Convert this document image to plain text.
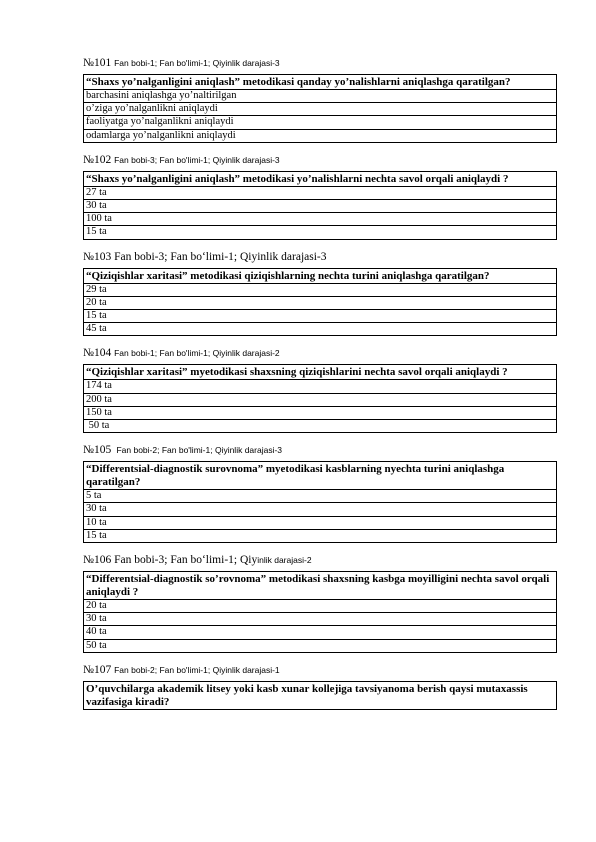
№101 Fan bobi-1; Fan bo'limi-1; Qiyinlik darajasi-3
“Shaxs yo’nalganligini aniqlash” metodikasi qanday yo’nalishlarni aniqlashga qaratilgan?
barchasini aniqlashga yo’naltirilgan
o’ziga yo’nalganlikni aniqlaydi
faoliyatga yo’nalganlikni aniqlaydi
odamlarga yo’nalganlikni aniqlaydi
№102 Fan bobi-3; Fan bo'limi-1; Qiyinlik darajasi-3
“Shaxs yo’nalganligini aniqlash” metodikasi yo’nalishlarni nechta savol orqali aniqlaydi ?
27 ta
30 ta
100 ta
15 ta
№103 Fan bobi-3; Fan bo‘limi-1; Qiyinlik darajasi-3
“Qiziqishlar xaritasi” metodikasi qiziqishlarning nechta turini aniqlashga qaratilgan?
29 ta
20 ta
15 ta
45 ta
№104 Fan bobi-1; Fan bo'limi-1; Qiyinlik darajasi-2
“Qiziqishlar xaritasi” myetodikasi shaxsning qiziqishlarini nechta savol orqali aniqlaydi ?
174 ta
200 ta
150 ta
50 ta
№105  Fan bobi-2; Fan bo'limi-1; Qiyinlik darajasi-3
“Differentsial-diagnostik surovnoma” myetodikasi kasblarning nyechta turini aniqlashga qaratilgan?
5 ta
30 ta
10 ta
15 ta
№106 Fan bobi-3; Fan bo‘limi-1; Qiyinlik darajasi-2
“Differentsial-diagnostik so’rovnoma” metodikasi shaxsning kasbga moyilligini nechta savol orqali aniqlaydi ?
20 ta
30 ta
40 ta
50 ta
№107 Fan bobi-2; Fan bo'limi-1; Qiyinlik darajasi-1
O’quvchilarga akademik litsey yoki kasb xunar kollejiga tavsiyanoma berish qaysi mutaxassis vazifasiga kiradi?
